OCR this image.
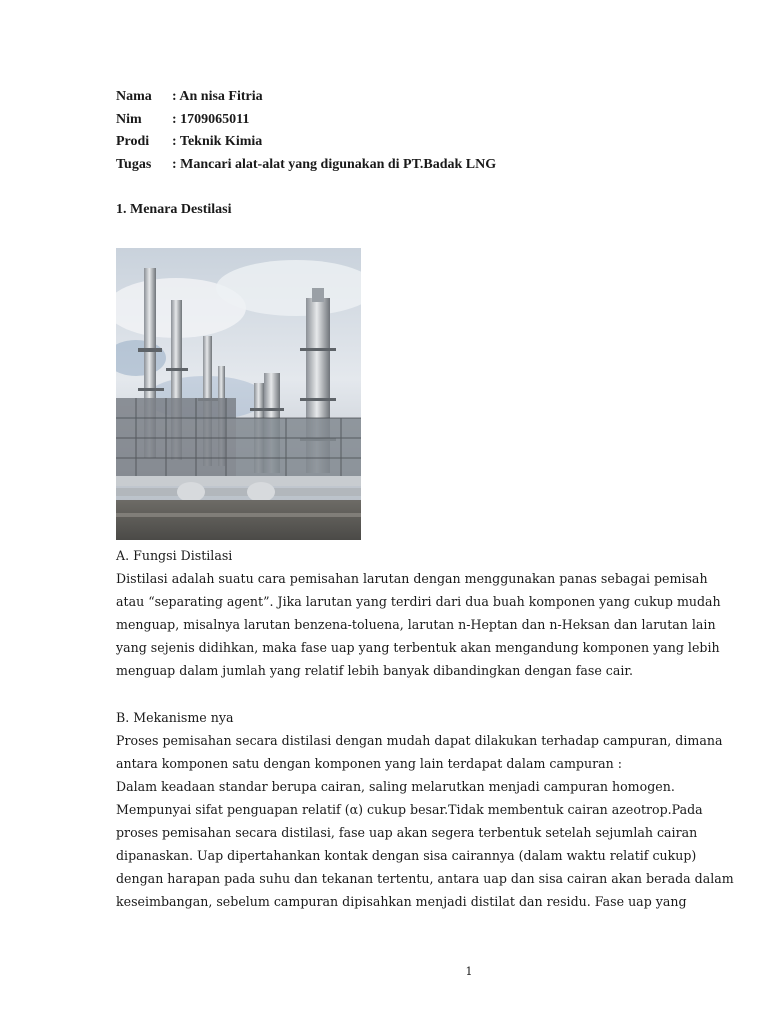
Nama : An nisa Fitria
Nim : 1709065011
Prodi : Teknik Kimia
Tugas : Mancari alat-alat yang digunakan di PT.Badak LNG
1. Menara Destilasi
A. Fungsi Distilasi
Distilasi adalah suatu cara pemisahan larutan dengan menggunakan panas sebagai pemisah
atau “separating agent”. Jika larutan yang terdiri dari dua buah komponen yang cukup mudah
menguap, misalnya larutan benzena-toluena, larutan n-Heptan dan n-Heksan dan larutan lain
yang sejenis didihkan, maka fase uap yang terbentuk akan mengandung komponen yang lebih
menguap dalam jumlah yang relatif lebih banyak dibandingkan dengan fase cair.
B. Mekanisme nya
Proses pemisahan secara distilasi dengan mudah dapat dilakukan terhadap campuran, dimana
antara komponen satu dengan komponen yang lain terdapat dalam campuran :
Dalam keadaan standar berupa cairan, saling melarutkan menjadi campuran homogen.
Mempunyai sifat penguapan relatif (α) cukup besar.Tidak membentuk cairan azeotrop.Pada
proses pemisahan secara distilasi, fase uap akan segera terbentuk setelah sejumlah cairan
dipanaskan. Uap dipertahankan kontak dengan sisa cairannya (dalam waktu relatif cukup)
dengan harapan pada suhu dan tekanan tertentu, antara uap dan sisa cairan akan berada dalam
keseimbangan, sebelum campuran dipisahkan menjadi distilat dan residu. Fase uap yang
1
